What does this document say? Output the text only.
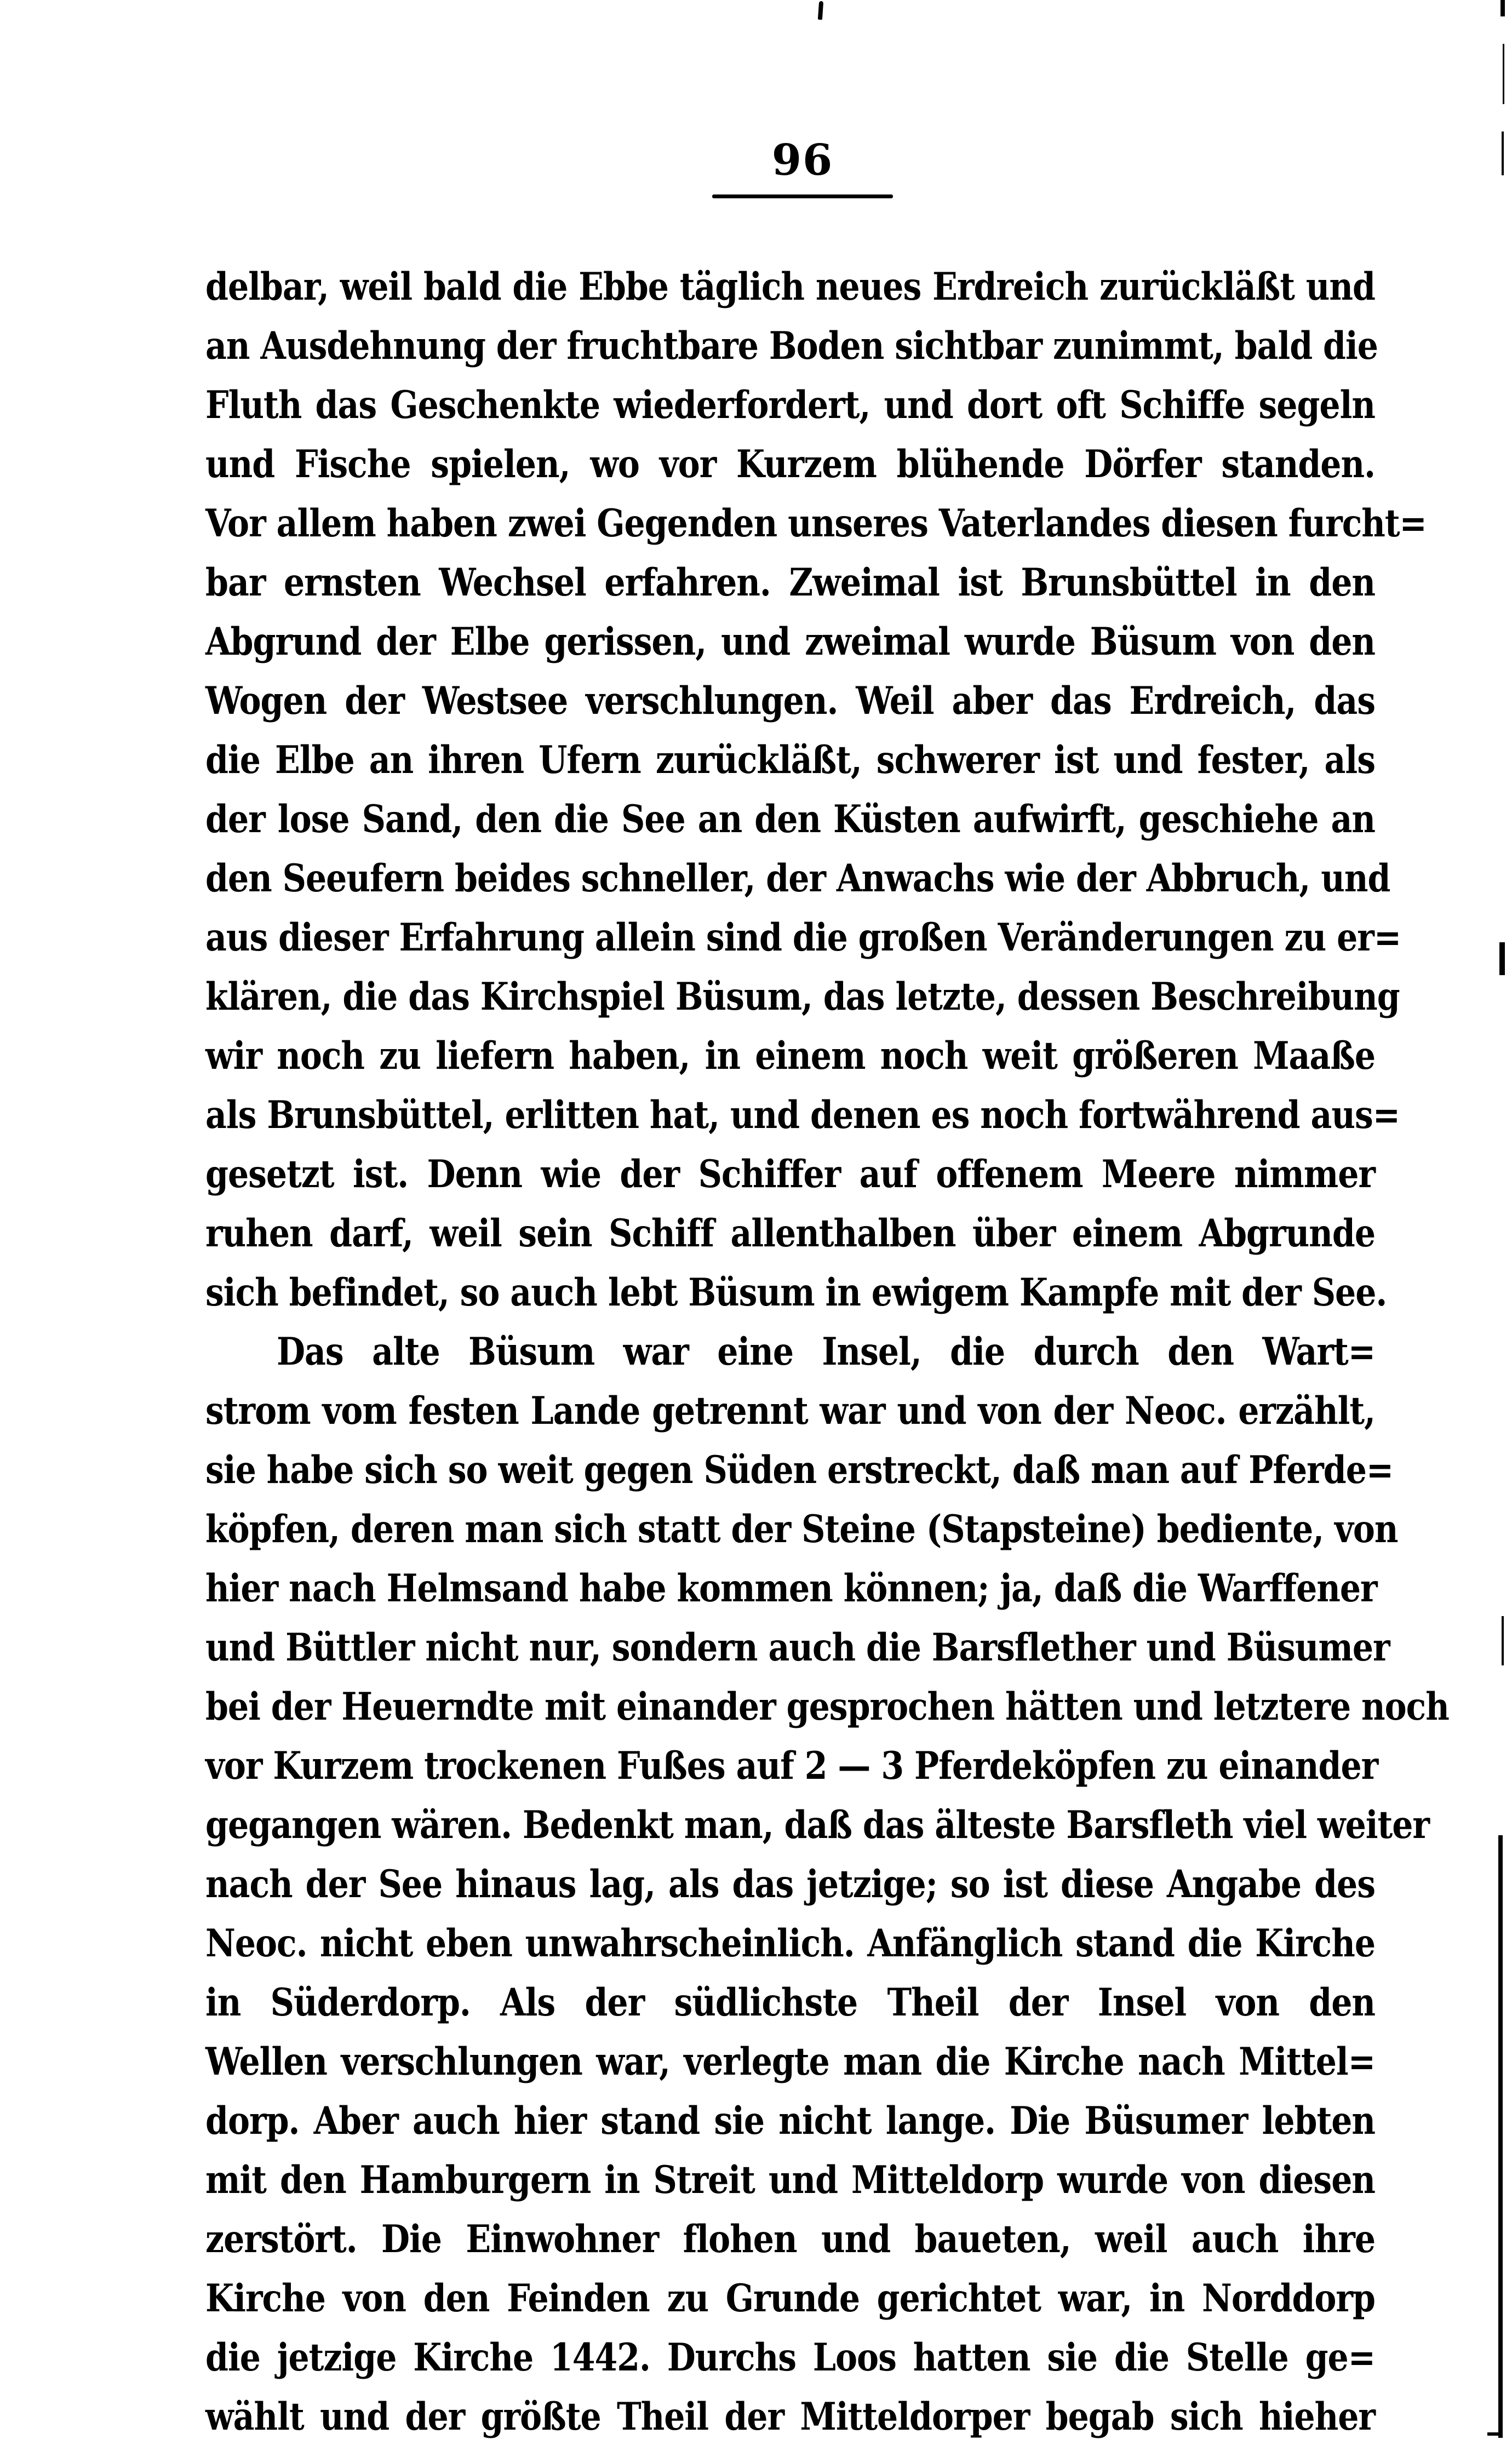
96
delbar, weil bald die Ebbe täglich neues Erdreich zurückläßt und
an Ausdehnung der fruchtbare Boden sichtbar zunimmt, bald die
Fluth das Geschenkte wiederfordert, und dort oft Schiffe segeln
und Fische spielen, wo vor Kurzem blühende Dörfer standen.
Vor allem haben zwei Gegenden unseres Vaterlandes diesen furcht=
bar ernsten Wechsel erfahren. Zweimal ist Brunsbüttel in den
Abgrund der Elbe gerissen, und zweimal wurde Büsum von den
Wogen der Westsee verschlungen. Weil aber das Erdreich, das
die Elbe an ihren Ufern zurückläßt, schwerer ist und fester, als
der lose Sand, den die See an den Küsten aufwirft, geschiehe an
den Seeufern beides schneller, der Anwachs wie der Abbruch, und
aus dieser Erfahrung allein sind die großen Veränderungen zu er=
klären, die das Kirchspiel Büsum, das letzte, dessen Beschreibung
wir noch zu liefern haben, in einem noch weit größeren Maaße
als Brunsbüttel, erlitten hat, und denen es noch fortwährend aus=
gesetzt ist. Denn wie der Schiffer auf offenem Meere nimmer
ruhen darf, weil sein Schiff allenthalben über einem Abgrunde
sich befindet, so auch lebt Büsum in ewigem Kampfe mit der See.
Das alte Büsum war eine Insel, die durch den Wart=
strom vom festen Lande getrennt war und von der Neoc. erzählt,
sie habe sich so weit gegen Süden erstreckt, daß man auf Pferde=
köpfen, deren man sich statt der Steine (Stapsteine) bediente, von
hier nach Helmsand habe kommen können; ja, daß die Warffener
und Büttler nicht nur, sondern auch die Barsflether und Büsumer
bei der Heuerndte mit einander gesprochen hätten und letztere noch
vor Kurzem trockenen Fußes auf 2 — 3 Pferdeköpfen zu einander
gegangen wären. Bedenkt man, daß das älteste Barsfleth viel weiter
nach der See hinaus lag, als das jetzige; so ist diese Angabe des
Neoc. nicht eben unwahrscheinlich. Anfänglich stand die Kirche
in Süderdorp. Als der südlichste Theil der Insel von den
Wellen verschlungen war, verlegte man die Kirche nach Mittel=
dorp. Aber auch hier stand sie nicht lange. Die Büsumer lebten
mit den Hamburgern in Streit und Mitteldorp wurde von diesen
zerstört. Die Einwohner flohen und baueten, weil auch ihre
Kirche von den Feinden zu Grunde gerichtet war, in Norddorp
die jetzige Kirche 1442. Durchs Loos hatten sie die Stelle ge=
wählt und der größte Theil der Mitteldorper begab sich hieher
